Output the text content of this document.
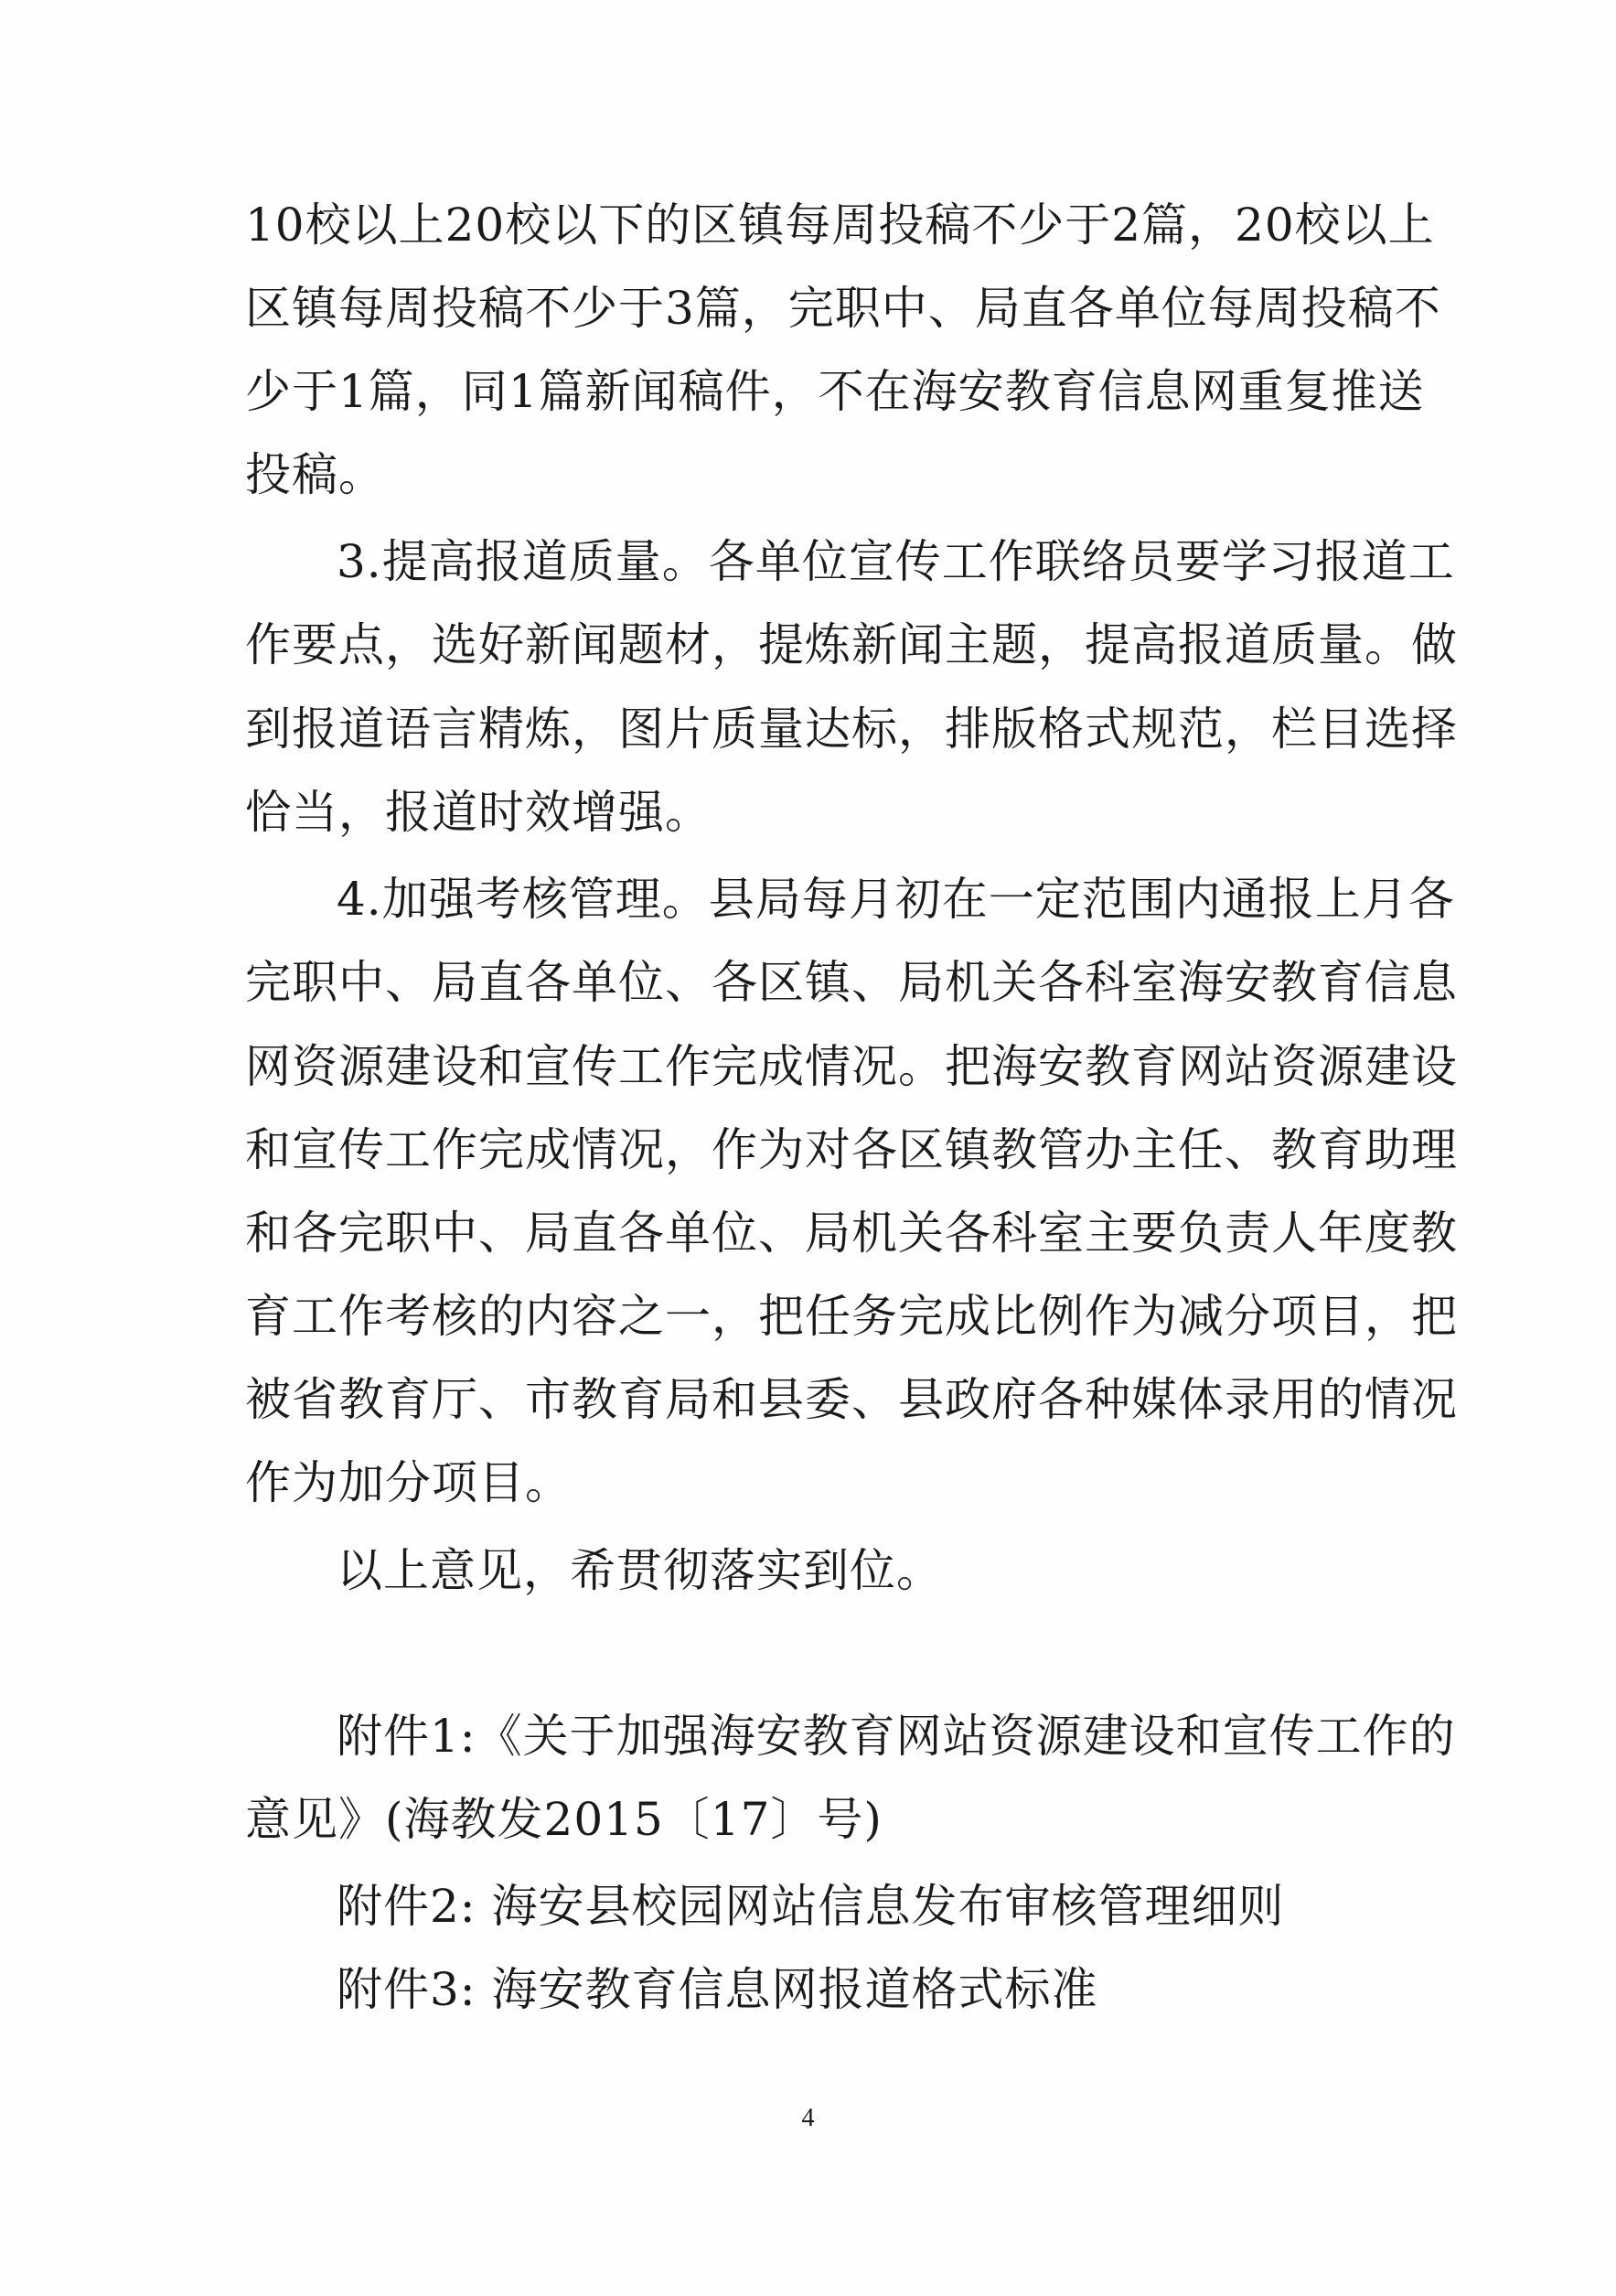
10校以上20校以下的区镇每周投稿不少于2篇，20校以上
区镇每周投稿不少于3篇，完职中、局直各单位每周投稿不
少于1篇，同1篇新闻稿件，不在海安教育信息网重复推送
投稿。
3.提高报道质量。各单位宣传工作联络员要学习报道工
作要点，选好新闻题材，提炼新闻主题，提高报道质量。做
到报道语言精炼，图片质量达标，排版格式规范，栏目选择
恰当，报道时效增强。
4.加强考核管理。县局每月初在一定范围内通报上月各
完职中、局直各单位、各区镇、局机关各科室海安教育信息
网资源建设和宣传工作完成情况。把海安教育网站资源建设
和宣传工作完成情况，作为对各区镇教管办主任、教育助理
和各完职中、局直各单位、局机关各科室主要负责人年度教
育工作考核的内容之一，把任务完成比例作为减分项目，把
被省教育厅、市教育局和县委、县政府各种媒体录用的情况
作为加分项目。
以上意见，希贯彻落实到位。
附件1:《关于加强海安教育网站资源建设和宣传工作的
意见》(海教发2015〔17〕号)
附件2: 海安县校园网站信息发布审核管理细则
附件3: 海安教育信息网报道格式标准
4
